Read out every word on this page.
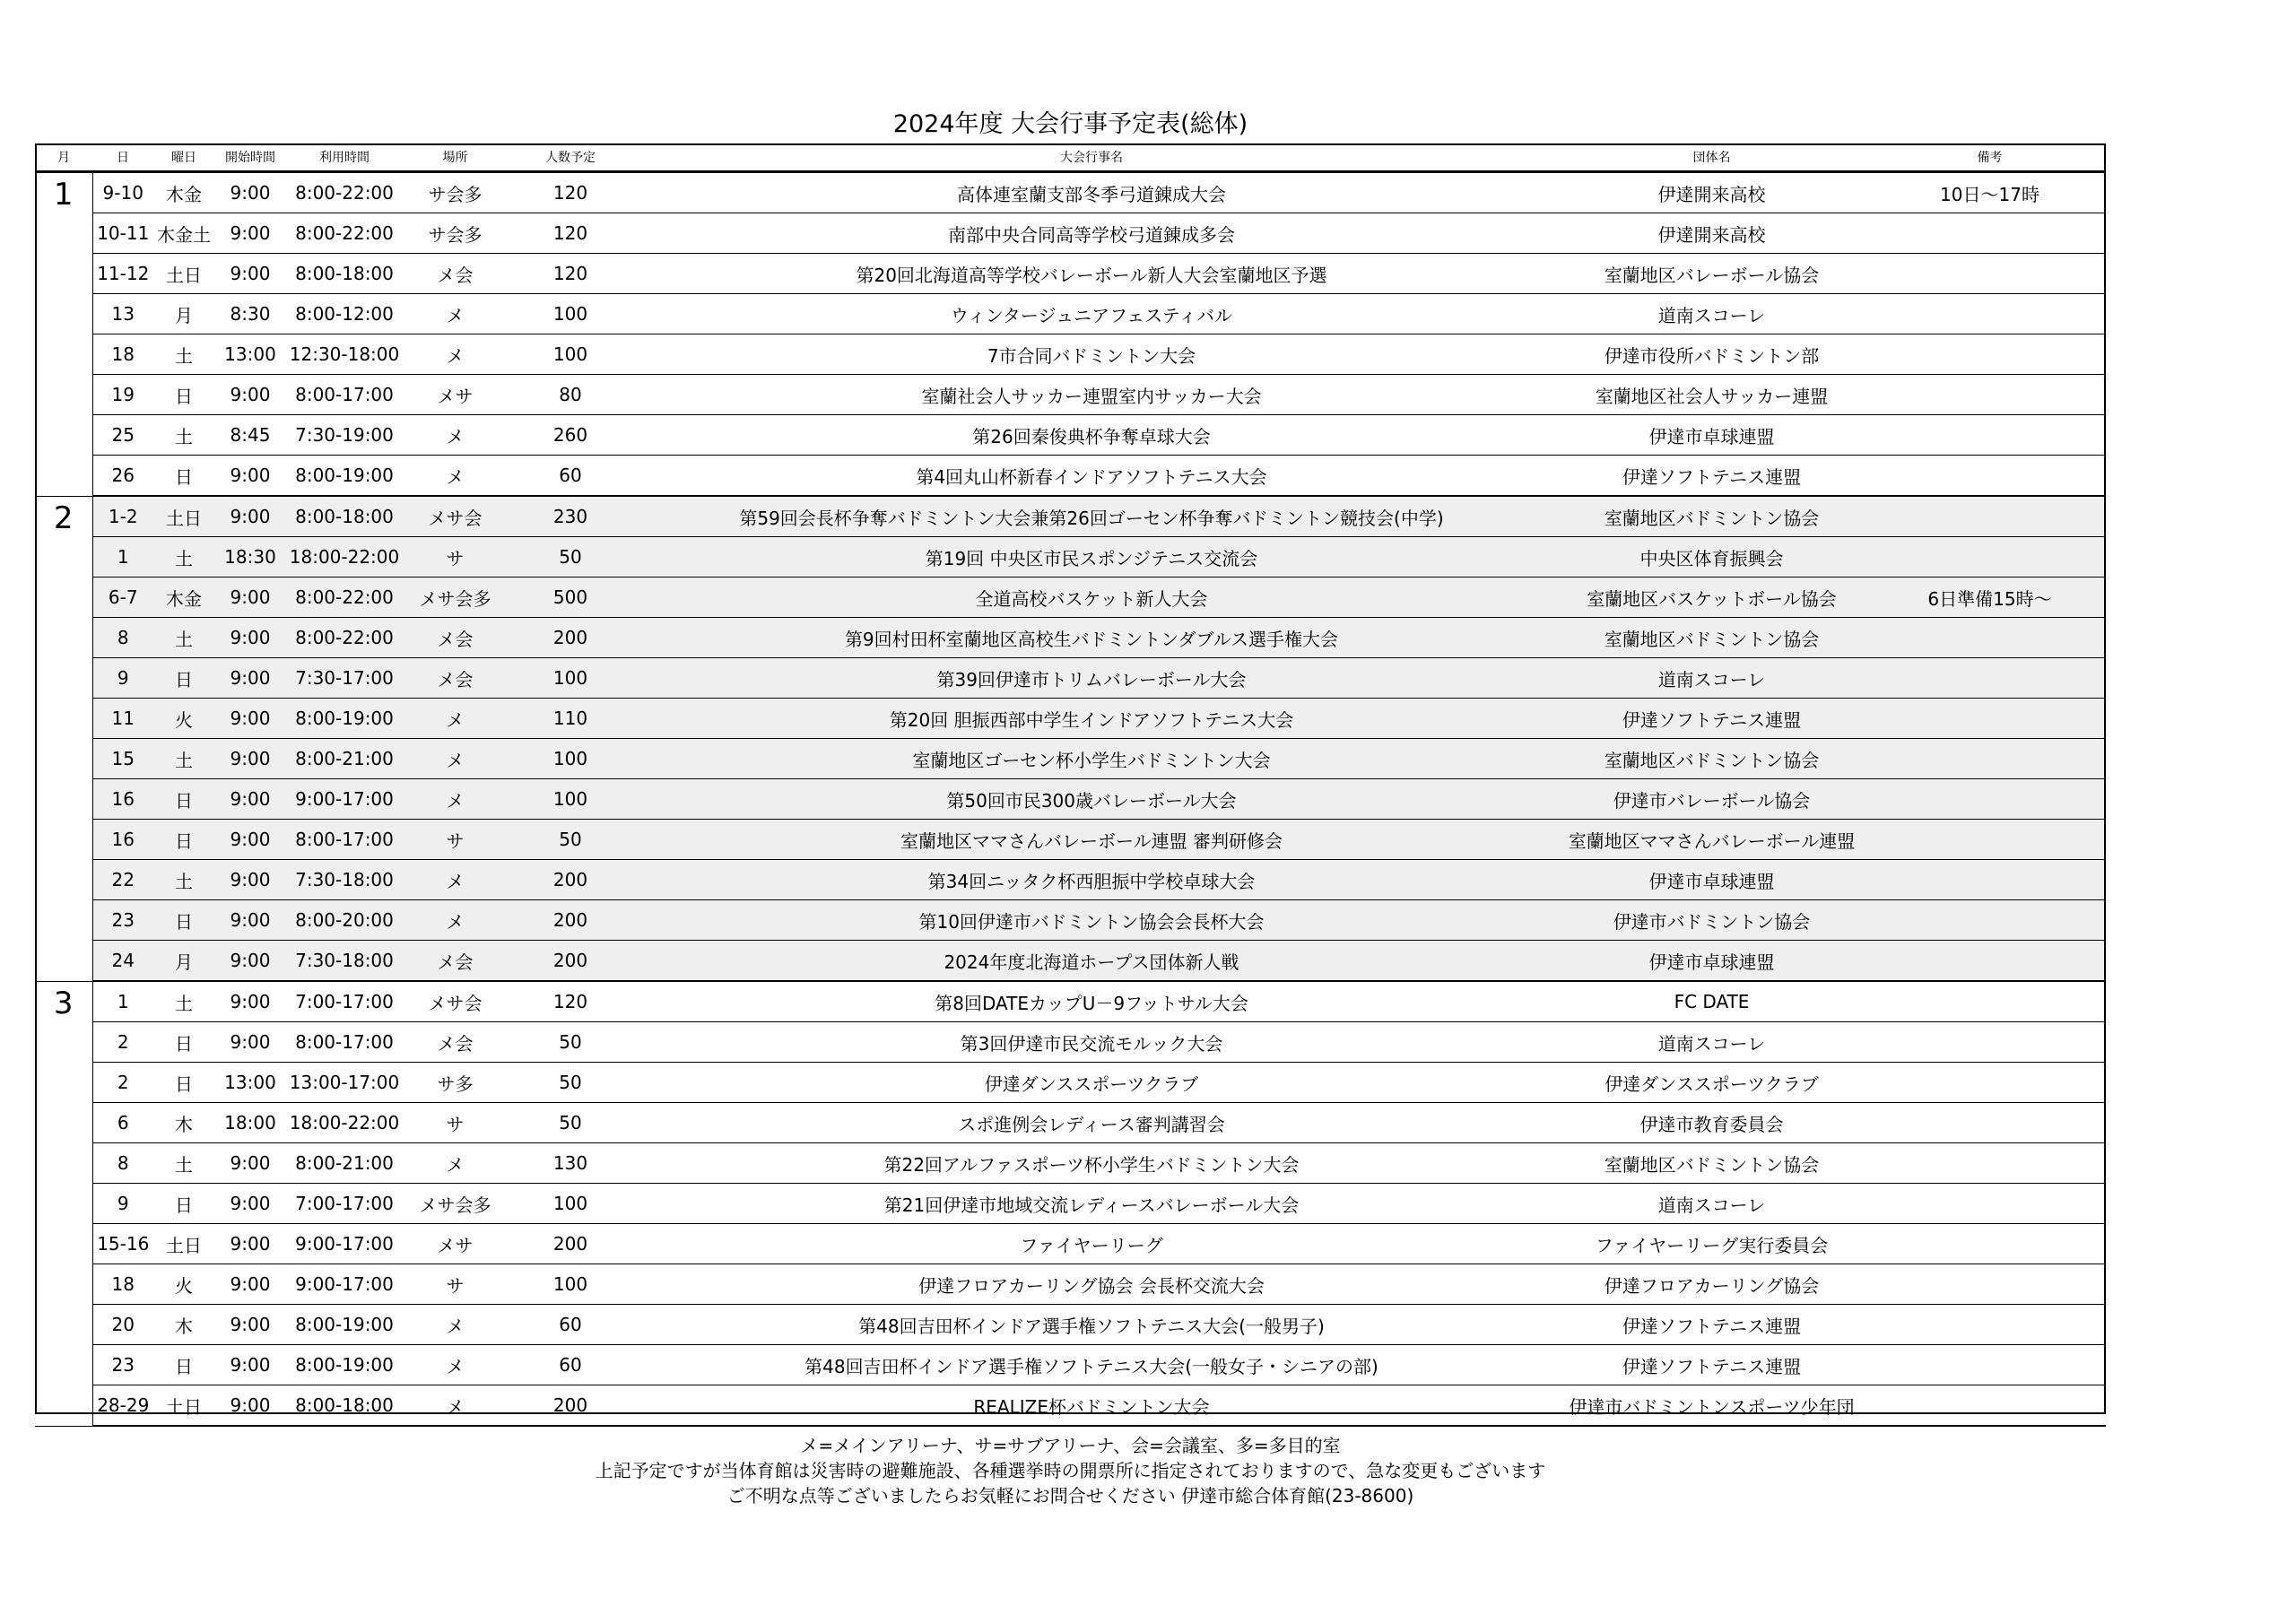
2024年度 大会行事予定表(総体)
月	日	曜日	開始時間	利用時間	場所	人数予定	大会行事名	団体名	備考
1	9-10	木金	9:00	8:00-22:00	サ会多	120	高体連室蘭支部冬季弓道錬成大会	伊達開来高校	10日～17時
	10-11	木金土	9:00	8:00-22:00	サ会多	120	南部中央合同高等学校弓道錬成多会	伊達開来高校	
	11-12	土日	9:00	8:00-18:00	メ会	120	第20回北海道高等学校バレーボール新人大会室蘭地区予選	室蘭地区バレーボール協会	
	13	月	8:30	8:00-12:00	メ	100	ウィンタージュニアフェスティバル	道南スコーレ	
	18	土	13:00	12:30-18:00	メ	100	7市合同バドミントン大会	伊達市役所バドミントン部	
	19	日	9:00	8:00-17:00	メサ	80	室蘭社会人サッカー連盟室内サッカー大会	室蘭地区社会人サッカー連盟	
	25	土	8:45	7:30-19:00	メ	260	第26回秦俊典杯争奪卓球大会	伊達市卓球連盟	
	26	日	9:00	8:00-19:00	メ	60	第4回丸山杯新春インドアソフトテニス大会	伊達ソフトテニス連盟	
2	1-2	土日	9:00	8:00-18:00	メサ会	230	第59回会長杯争奪バドミントン大会兼第26回ゴーセン杯争奪バドミントン競技会(中学)	室蘭地区バドミントン協会	
	1	土	18:30	18:00-22:00	サ	50	第19回 中央区市民スポンジテニス交流会	中央区体育振興会	
	6-7	木金	9:00	8:00-22:00	メサ会多	500	全道高校バスケット新人大会	室蘭地区バスケットボール協会	6日準備15時～
	8	土	9:00	8:00-22:00	メ会	200	第9回村田杯室蘭地区高校生バドミントンダブルス選手権大会	室蘭地区バドミントン協会	
	9	日	9:00	7:30-17:00	メ会	100	第39回伊達市トリムバレーボール大会	道南スコーレ	
	11	火	9:00	8:00-19:00	メ	110	第20回 胆振西部中学生インドアソフトテニス大会	伊達ソフトテニス連盟	
	15	土	9:00	8:00-21:00	メ	100	室蘭地区ゴーセン杯小学生バドミントン大会	室蘭地区バドミントン協会	
	16	日	9:00	9:00-17:00	メ	100	第50回市民300歳バレーボール大会	伊達市バレーボール協会	
	16	日	9:00	8:00-17:00	サ	50	室蘭地区ママさんバレーボール連盟 審判研修会	室蘭地区ママさんバレーボール連盟	
	22	土	9:00	7:30-18:00	メ	200	第34回ニッタク杯西胆振中学校卓球大会	伊達市卓球連盟	
	23	日	9:00	8:00-20:00	メ	200	第10回伊達市バドミントン協会会長杯大会	伊達市バドミントン協会	
	24	月	9:00	7:30-18:00	メ会	200	2024年度北海道ホープス団体新人戦	伊達市卓球連盟	
3	1	土	9:00	7:00-17:00	メサ会	120	第8回DATEカップU－9フットサル大会	FC DATE	
	2	日	9:00	8:00-17:00	メ会	50	第3回伊達市民交流モルック大会	道南スコーレ	
	2	日	13:00	13:00-17:00	サ多	50	伊達ダンススポーツクラブ	伊達ダンススポーツクラブ	
	6	木	18:00	18:00-22:00	サ	50	スポ進例会レディース審判講習会	伊達市教育委員会	
	8	土	9:00	8:00-21:00	メ	130	第22回アルファスポーツ杯小学生バドミントン大会	室蘭地区バドミントン協会	
	9	日	9:00	7:00-17:00	メサ会多	100	第21回伊達市地域交流レディースバレーボール大会	道南スコーレ	
	15-16	土日	9:00	9:00-17:00	メサ	200	ファイヤーリーグ	ファイヤーリーグ実行委員会	
	18	火	9:00	9:00-17:00	サ	100	伊達フロアカーリング協会 会長杯交流大会	伊達フロアカーリング協会	
	20	木	9:00	8:00-19:00	メ	60	第48回吉田杯インドア選手権ソフトテニス大会(一般男子)	伊達ソフトテニス連盟	
	23	日	9:00	8:00-19:00	メ	60	第48回吉田杯インドア選手権ソフトテニス大会(一般女子・シニアの部)	伊達ソフトテニス連盟	
	28-29	土日	9:00	8:00-18:00	メ	200	REALIZE杯バドミントン大会	伊達市バドミントンスポーツ少年団	
メ=メインアリーナ、サ=サブアリーナ、会=会議室、多=多目的室
上記予定ですが当体育館は災害時の避難施設、各種選挙時の開票所に指定されておりますので、急な変更もございます
ご不明な点等ございましたらお気軽にお問合せください 伊達市総合体育館(23-8600)
